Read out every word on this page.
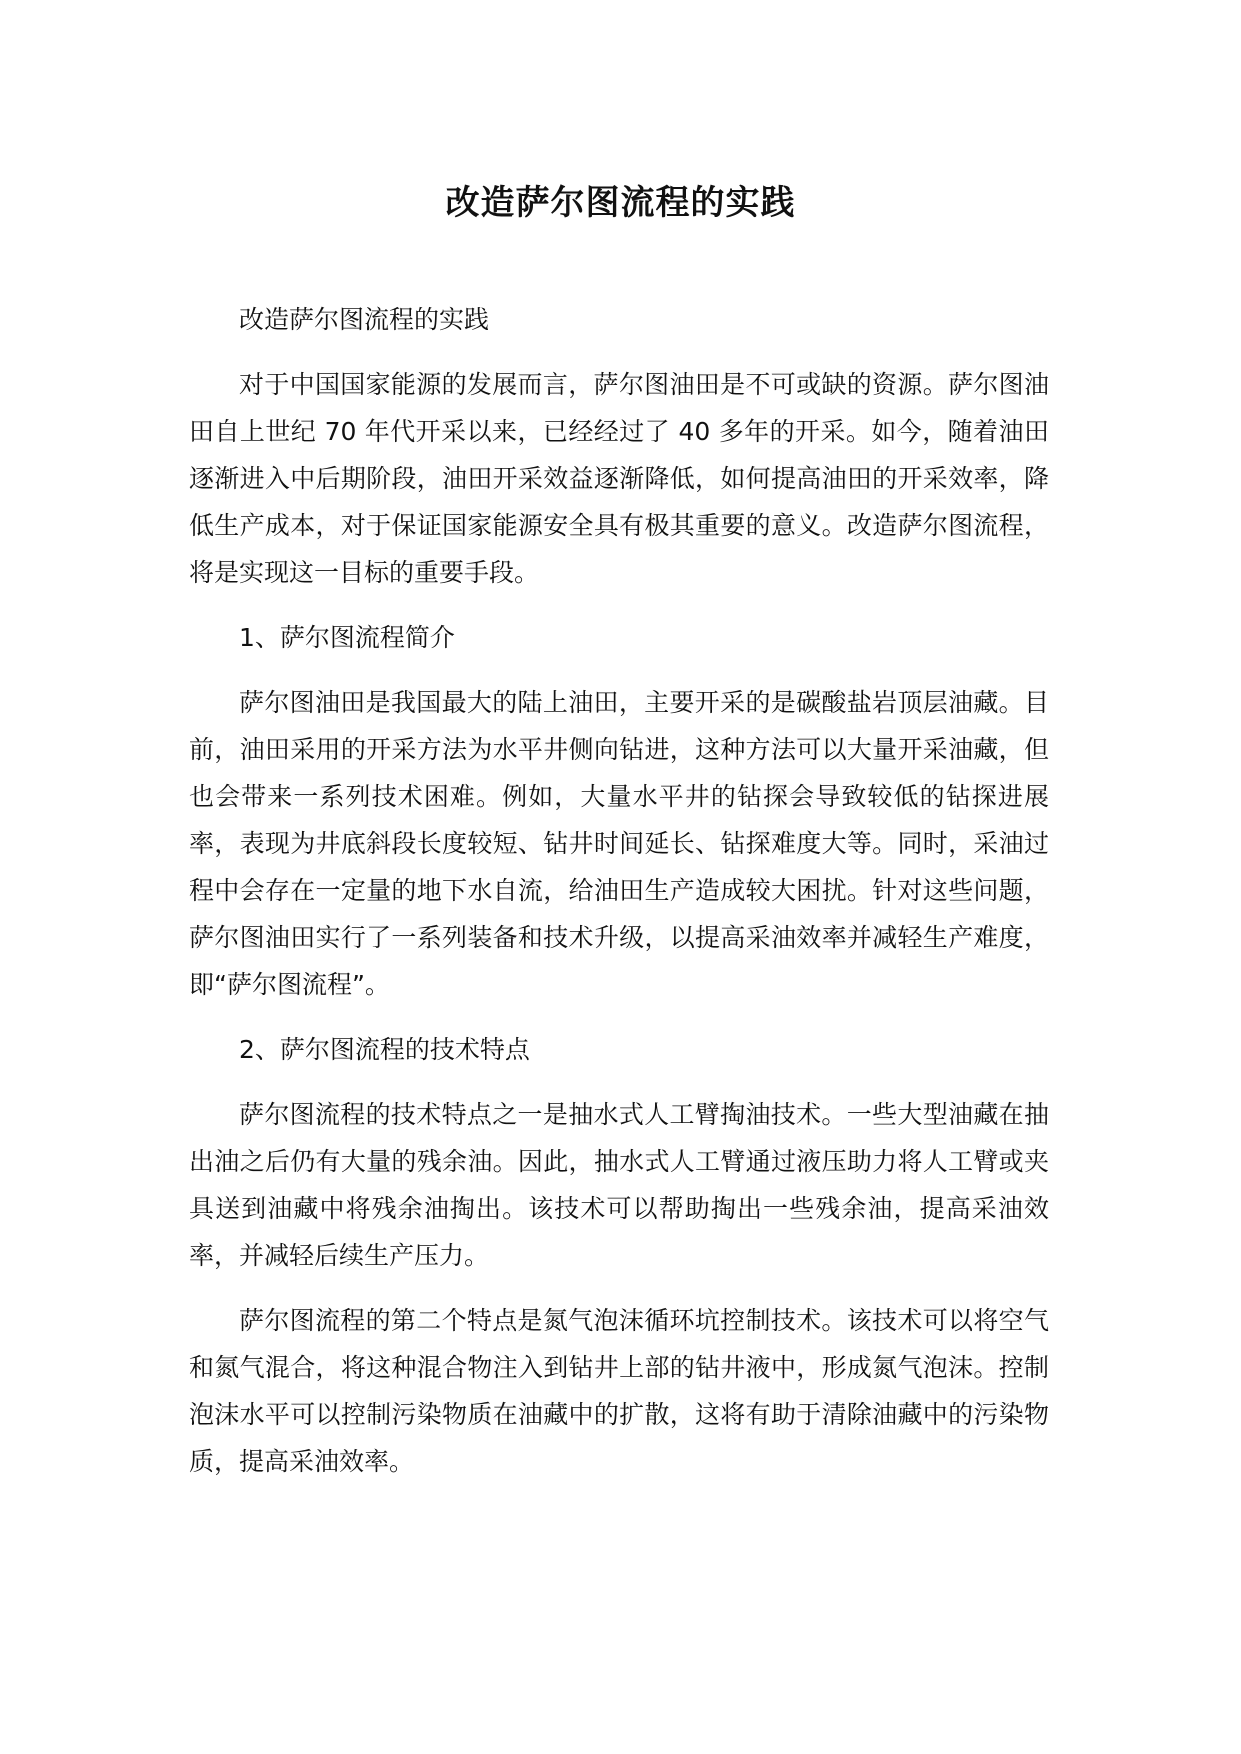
改造萨尔图流程的实践

改造萨尔图流程的实践

对于中国国家能源的发展而言，萨尔图油田是不可或缺的资源。萨尔图油田自上世纪 70 年代开采以来，已经经过了 40 多年的开采。如今，随着油田逐渐进入中后期阶段，油田开采效益逐渐降低，如何提高油田的开采效率，降低生产成本，对于保证国家能源安全具有极其重要的意义。改造萨尔图流程，将是实现这一目标的重要手段。

1、萨尔图流程简介

萨尔图油田是我国最大的陆上油田，主要开采的是碳酸盐岩顶层油藏。目前，油田采用的开采方法为水平井侧向钻进，这种方法可以大量开采油藏，但也会带来一系列技术困难。例如，大量水平井的钻探会导致较低的钻探进展率，表现为井底斜段长度较短、钻井时间延长、钻探难度大等。同时，采油过程中会存在一定量的地下水自流，给油田生产造成较大困扰。针对这些问题，萨尔图油田实行了一系列装备和技术升级，以提高采油效率并减轻生产难度，即“萨尔图流程”。

2、萨尔图流程的技术特点

萨尔图流程的技术特点之一是抽水式人工臂掏油技术。一些大型油藏在抽出油之后仍有大量的残余油。因此，抽水式人工臂通过液压助力将人工臂或夹具送到油藏中将残余油掏出。该技术可以帮助掏出一些残余油，提高采油效率，并减轻后续生产压力。

萨尔图流程的第二个特点是氮气泡沫循环坑控制技术。该技术可以将空气和氮气混合，将这种混合物注入到钻井上部的钻井液中，形成氮气泡沫。控制泡沫水平可以控制污染物质在油藏中的扩散，这将有助于清除油藏中的污染物质，提高采油效率。
